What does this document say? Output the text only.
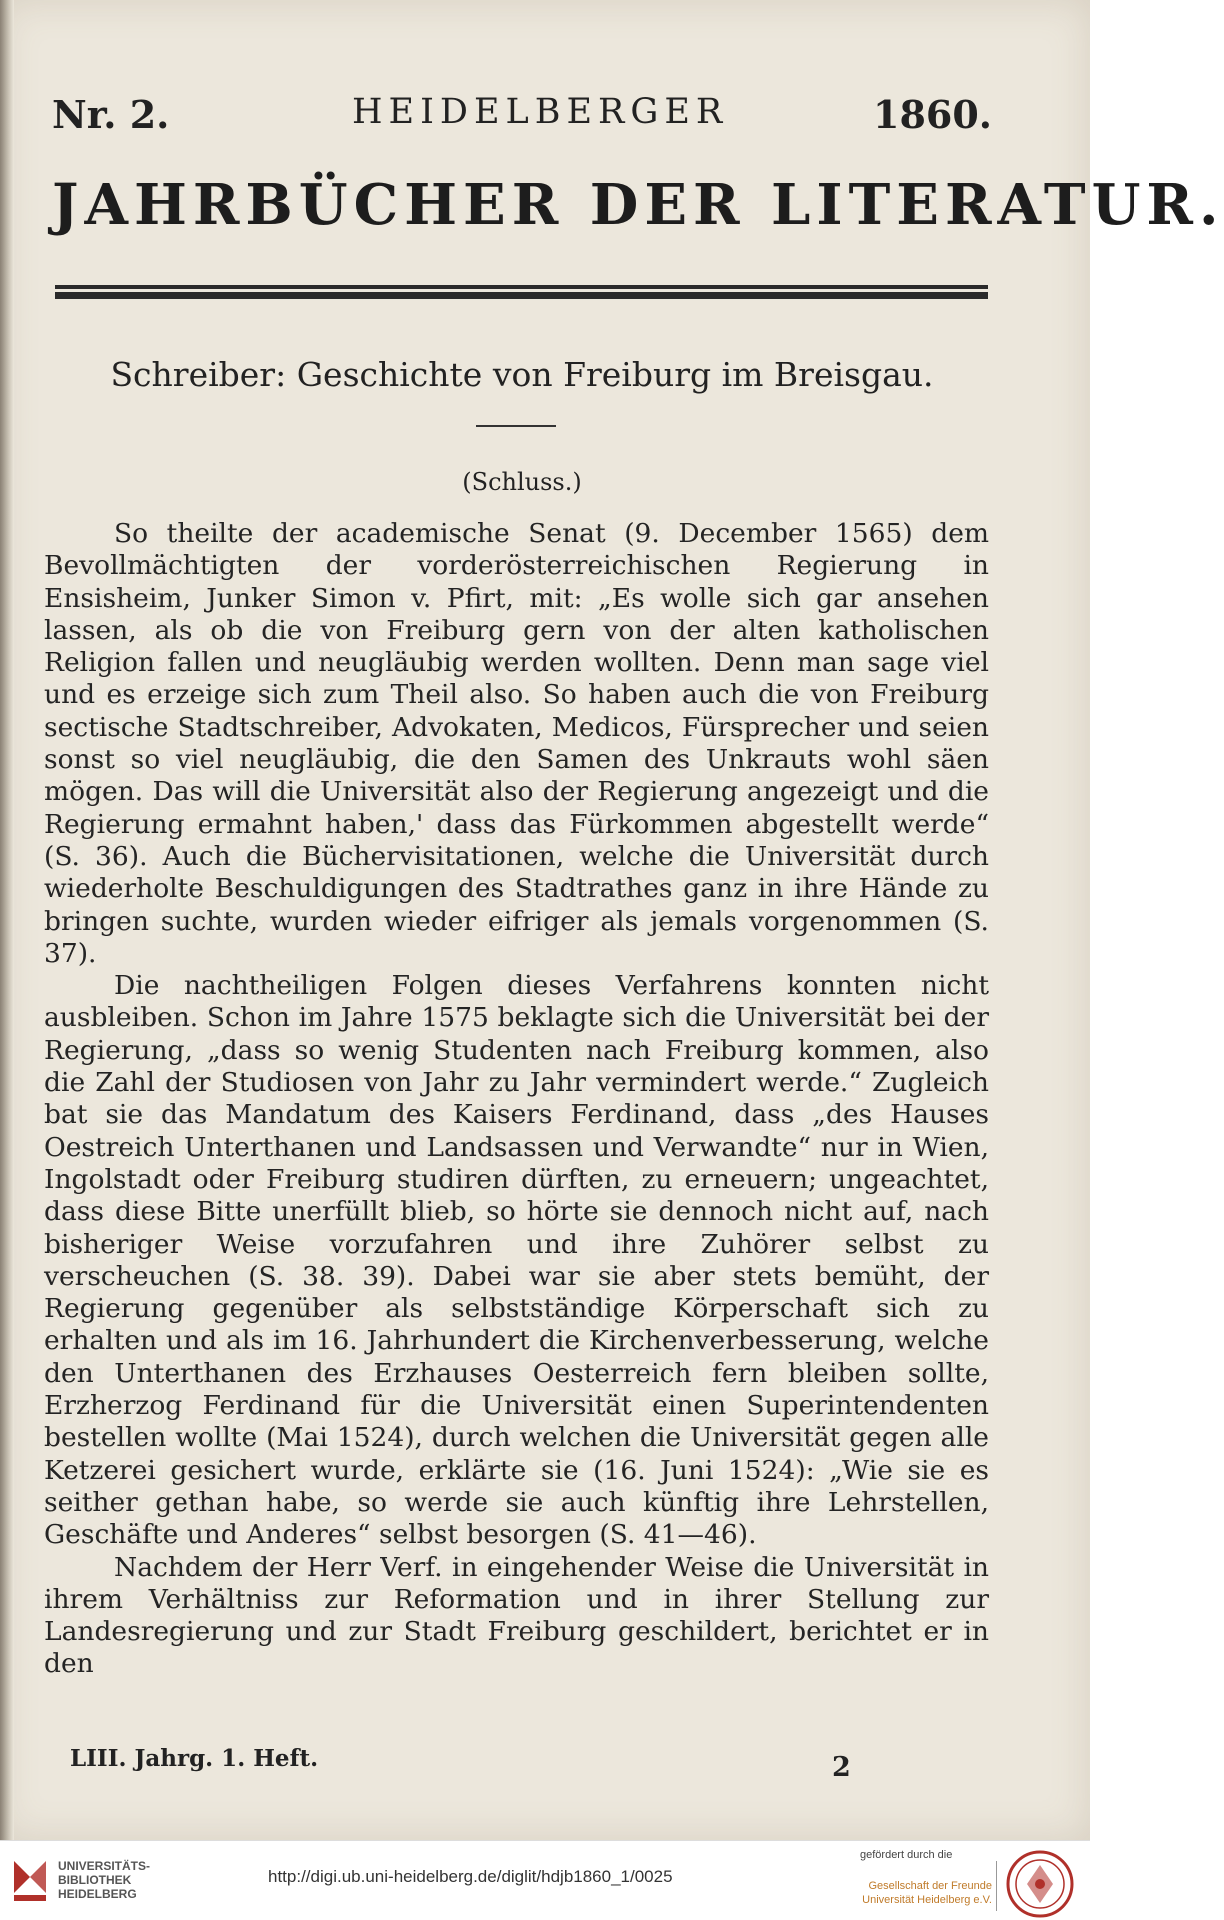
Nr. 2.	HEIDELBERGER	1860.
JAHRBÜCHER DER LITERATUR.
Schreiber: Geschichte von Freiburg im Breisgau.
(Schluss.)

So theilte der academische Senat (9. December 1565) dem Bevollmächtigten der vorderösterreichischen Regierung in Ensisheim, Junker Simon v. Pfirt, mit: „Es wolle sich gar ansehen lassen, als ob die von Freiburg gern von der alten katholischen Religion fallen und neugläubig werden wollten. Denn man sage viel und es erzeige sich zum Theil also. So haben auch die von Freiburg sectische Stadtschreiber, Advokaten, Medicos, Fürsprecher und seien sonst so viel neugläubig, die den Samen des Unkrauts wohl säen mögen. Das will die Universität also der Regierung angezeigt und die Regierung ermahnt haben,' dass das Fürkommen abgestellt werde“ (S. 36). Auch die Büchervisitationen, welche die Universität durch wiederholte Beschuldigungen des Stadtrathes ganz in ihre Hände zu bringen suchte, wurden wieder eifriger als jemals vorgenommen (S. 37).

Die nachtheiligen Folgen dieses Verfahrens konnten nicht ausbleiben. Schon im Jahre 1575 beklagte sich die Universität bei der Regierung, „dass so wenig Studenten nach Freiburg kommen, also die Zahl der Studiosen von Jahr zu Jahr vermindert werde.“ Zugleich bat sie das Mandatum des Kaisers Ferdinand, dass „des Hauses Oestreich Unterthanen und Landsassen und Verwandte“ nur in Wien, Ingolstadt oder Freiburg studiren dürften, zu erneuern; ungeachtet, dass diese Bitte unerfüllt blieb, so hörte sie dennoch nicht auf, nach bisheriger Weise vorzufahren und ihre Zuhörer selbst zu verscheuchen (S. 38. 39). Dabei war sie aber stets bemüht, der Regierung gegenüber als selbstständige Körperschaft sich zu erhalten und als im 16. Jahrhundert die Kirchenverbesserung, welche den Unterthanen des Erzhauses Oesterreich fern bleiben sollte, Erzherzog Ferdinand für die Universität einen Superintendenten bestellen wollte (Mai 1524), durch welchen die Universität gegen alle Ketzerei gesichert wurde, erklärte sie (16. Juni 1524): „Wie sie es seither gethan habe, so werde sie auch künftig ihre Lehrstellen, Geschäfte und Anderes“ selbst besorgen (S. 41—46).

Nachdem der Herr Verf. in eingehender Weise die Universität in ihrem Verhältniss zur Reformation und in ihrer Stellung zur Landesregierung und zur Stadt Freiburg geschildert, berichtet er in den

LIII. Jahrg. 1. Heft.	2
UNIVERSITÄTS-BIBLIOTHEK HEIDELBERG
http://digi.ub.uni-heidelberg.de/diglit/hdjb1860_1/0025
gefördert durch die
Gesellschaft der Freunde Universität Heidelberg e.V.
